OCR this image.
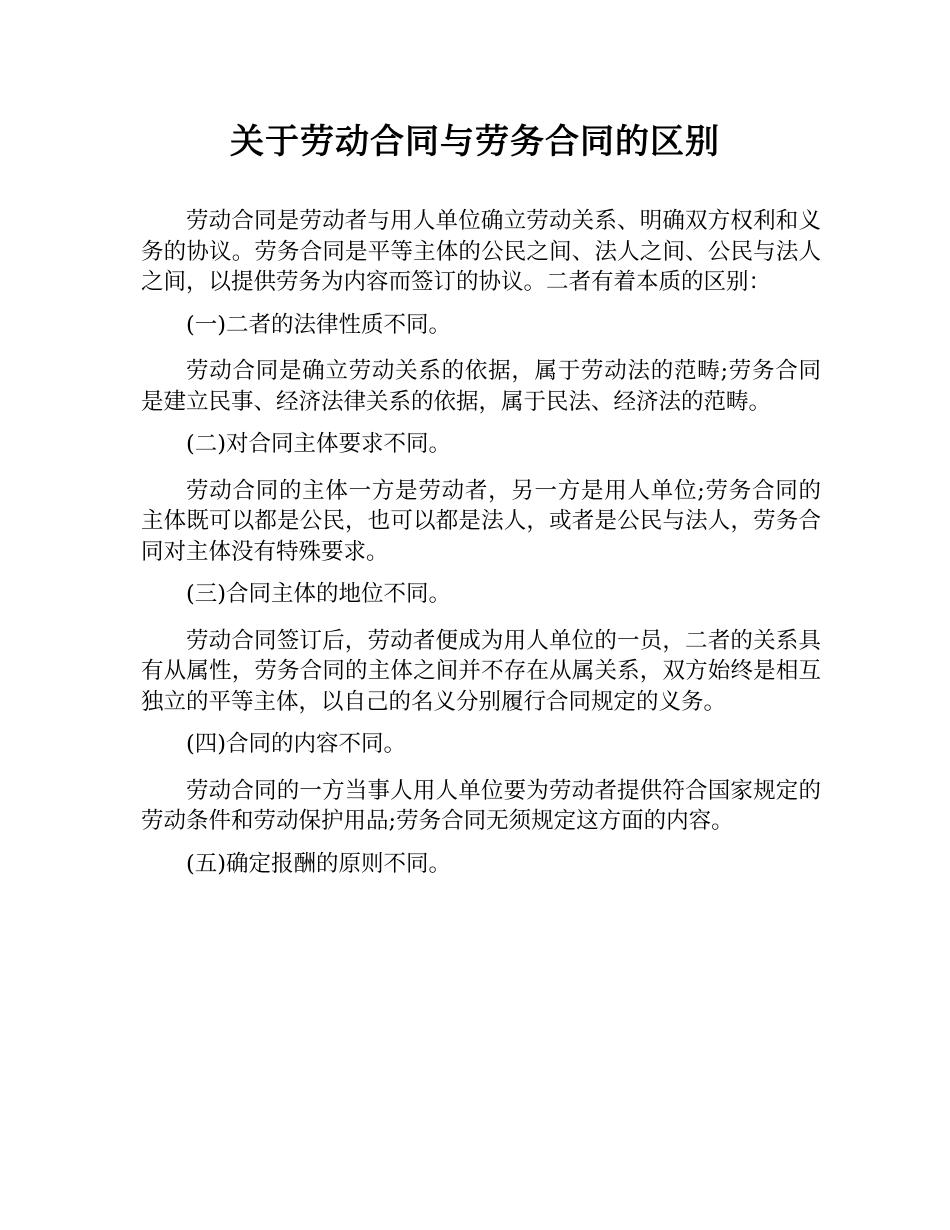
关于劳动合同与劳务合同的区别

劳动合同是劳动者与用人单位确立劳动关系、明确双方权利和义务的协议。劳务合同是平等主体的公民之间、法人之间、公民与法人之间，以提供劳务为内容而签订的协议。二者有着本质的区别：

(一)二者的法律性质不同。

劳动合同是确立劳动关系的依据，属于劳动法的范畴;劳务合同是建立民事、经济法律关系的依据，属于民法、经济法的范畴。

(二)对合同主体要求不同。

劳动合同的主体一方是劳动者，另一方是用人单位;劳务合同的主体既可以都是公民，也可以都是法人，或者是公民与法人，劳务合同对主体没有特殊要求。

(三)合同主体的地位不同。

劳动合同签订后，劳动者便成为用人单位的一员，二者的关系具有从属性，劳务合同的主体之间并不存在从属关系，双方始终是相互独立的平等主体，以自己的名义分别履行合同规定的义务。

(四)合同的内容不同。

劳动合同的一方当事人用人单位要为劳动者提供符合国家规定的劳动条件和劳动保护用品;劳务合同无须规定这方面的内容。

(五)确定报酬的原则不同。
